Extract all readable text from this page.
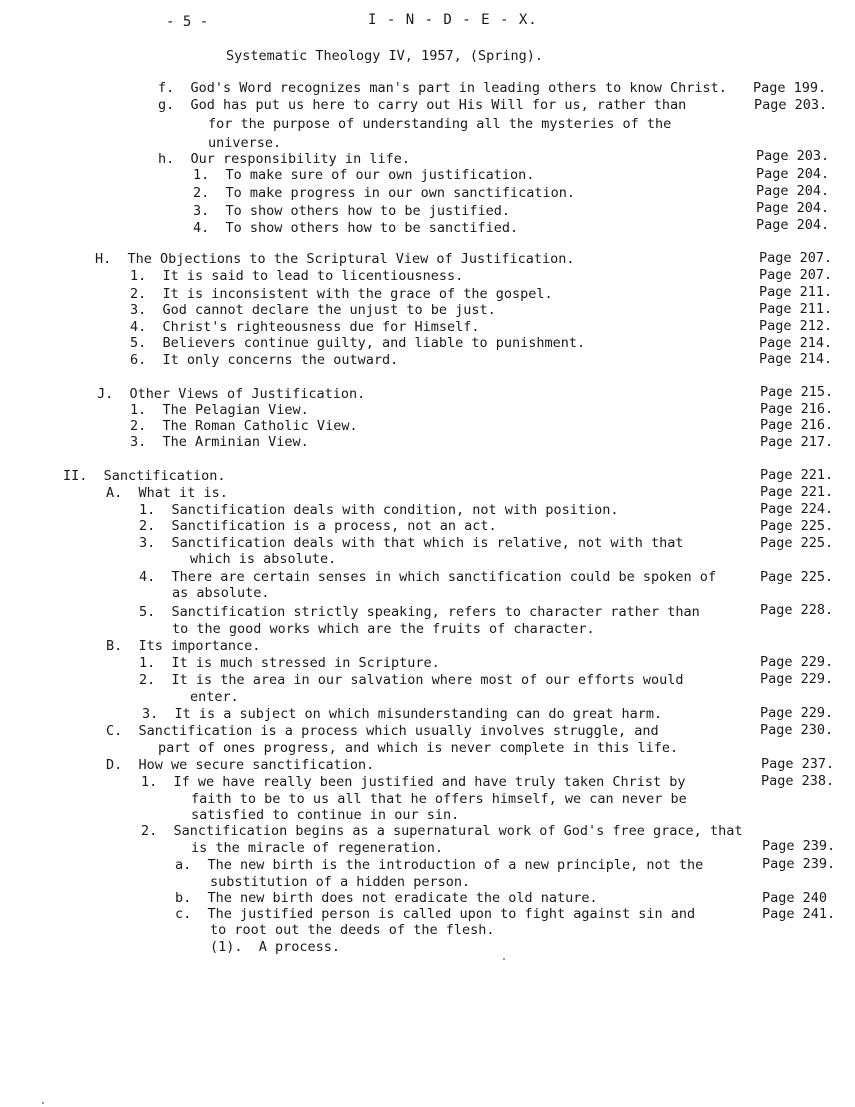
- 5 -	I - N - D - E - X.
Systematic Theology IV, 1957, (Spring).
f.  God's Word recognizes man's part in leading others to know Christ. Page 199.
g.  God has put us here to carry out His Will for us, rather than	Page 203.
for the purpose of understanding all the mysteries of the
universe.
h.  Our responsibility in life.	Page 203.
1.  To make sure of our own justification.	Page 204.
2.  To make progress in our own sanctification.	Page 204.
3.  To show others how to be justified.	Page 204.
4.  To show others how to be sanctified.	Page 204.
H.  The Objections to the Scriptural View of Justification.	Page 207.
1.  It is said to lead to licentiousness.	Page 207.
2.  It is inconsistent with the grace of the gospel.	Page 211.
3.  God cannot declare the unjust to be just.	Page 211.
4.  Christ's righteousness due for Himself.	Page 212.
5.  Believers continue guilty, and liable to punishment.	Page 214.
6.  It only concerns the outward.	Page 214.
J.  Other Views of Justification.	Page 215.
1.  The Pelagian View.	Page 216.
2.  The Roman Catholic View.	Page 216.
3.  The Arminian View.	Page 217.
II.  Sanctification.	Page 221.
A.  What it is.	Page 221.
1.  Sanctification deals with condition, not with position.	Page 224.
2.  Sanctification is a process, not an act.	Page 225.
3.  Sanctification deals with that which is relative, not with that	Page 225.
which is absolute.
4.  There are certain senses in which sanctification could be spoken of	Page 225.
as absolute.
5.  Sanctification strictly speaking, refers to character rather than	Page 228.
to the good works which are the fruits of character.
B.  Its importance.
1.  It is much stressed in Scripture.	Page 229.
2.  It is the area in our salvation where most of our efforts would	Page 229.
enter.
3.  It is a subject on which misunderstanding can do great harm.	Page 229.
C.  Sanctification is a process which usually involves struggle, and	Page 230.
part of ones progress, and which is never complete in this life.
D.  How we secure sanctification.	Page 237.
1.  If we have really been justified and have truly taken Christ by	Page 238.
faith to be to us all that he offers himself, we can never be
satisfied to continue in our sin.
2.  Sanctification begins as a supernatural work of God's free grace, that
is the miracle of regeneration.	Page 239.
a.  The new birth is the introduction of a new principle, not the	Page 239.
substitution of a hidden person.
b.  The new birth does not eradicate the old nature.	Page 240
c.  The justified person is called upon to fight against sin and	Page 241.
to root out the deeds of the flesh.
(1).  A process.
